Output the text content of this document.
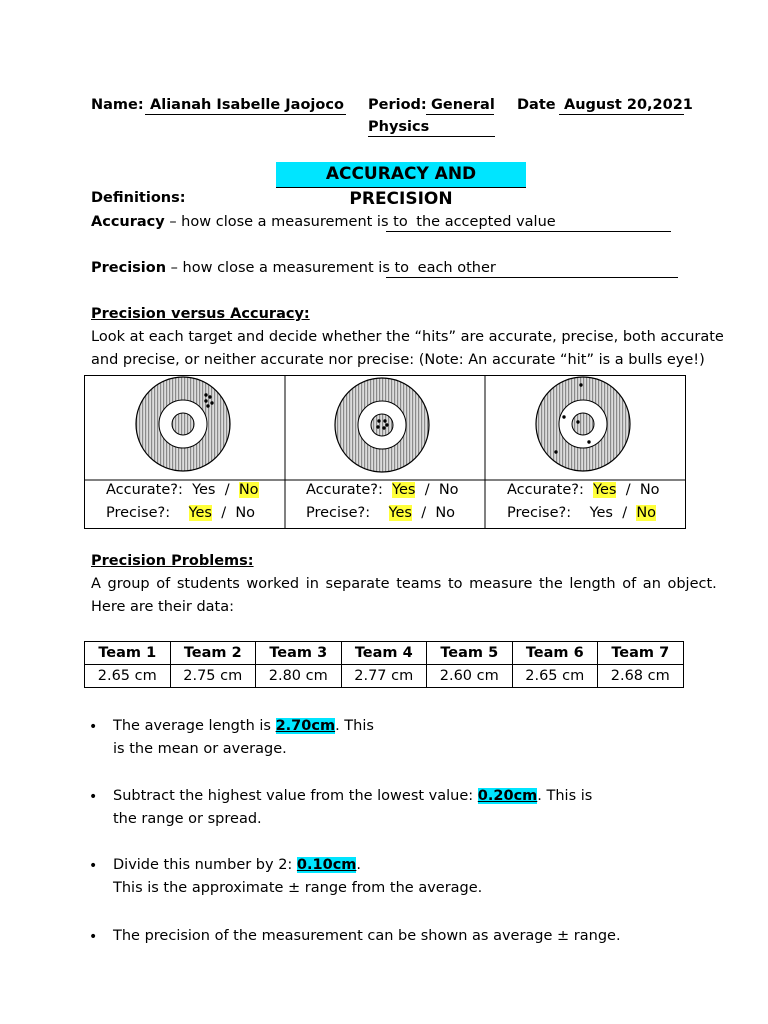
Name: Alianah Isabelle Jaojoco Period: General
Physics
Date August 20,2021
ACCURACY AND PRECISION
Definitions:
Accuracy – how close a measurement is to the accepted value
Precision – how close a measurement is to each other
Precision versus Accuracy:
Look at each target and decide whether the “hits” are accurate, precise, both accurate
and precise, or neither accurate nor precise: (Note: An accurate “hit” is a bulls eye!)
Accurate?: Yes / No
Precise?: Yes / No
Accurate?: Yes / No
Precise?: Yes / No
Accurate?: Yes / No
Precise?: Yes / No
Precision Problems:
A group of students worked in separate teams to measure the length of an object.
Here are their data:
Team 1	Team 2	Team 3	Team 4	Team 5	Team 6	Team 7
2.65 cm	2.75 cm	2.80 cm	2.77 cm	2.60 cm	2.65 cm	2.68 cm
• The average length is 2.70cm. This
is the mean or average.
• Subtract the highest value from the lowest value: 0.20cm. This is
the range or spread.
• Divide this number by 2: 0.10cm.
This is the approximate ± range from the average.
• The precision of the measurement can be shown as average ± range.
